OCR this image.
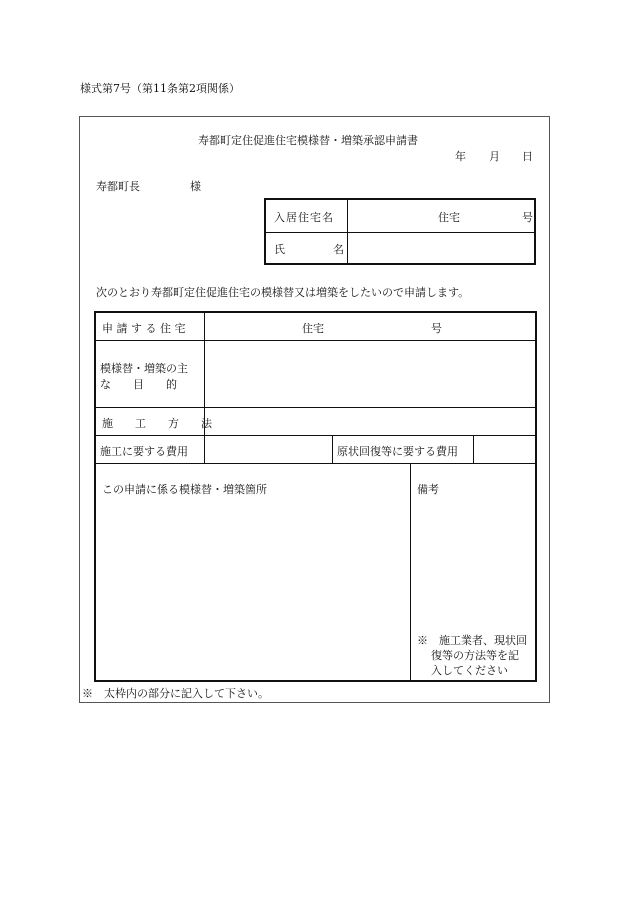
様式第7号（第11条第2項関係）
寿都町定住促進住宅模様替・増築承認申請書
年 月 日
寿都町長	様
入居住宅名	住宅	号
氏	名
次のとおり寿都町定住促進住宅の模様替又は増築をしたいので申請します。
申 請 す る 住 宅	住宅	号
模様替・増築の主
な　　目　　的
施　　工　　方　　法
施工に要する費用	原状回復等に要する費用
この申請に係る模様替・増築箇所	備考
※　施工業者、現状回
復等の方法等を記
入してください
※　太枠内の部分に記入して下さい。
